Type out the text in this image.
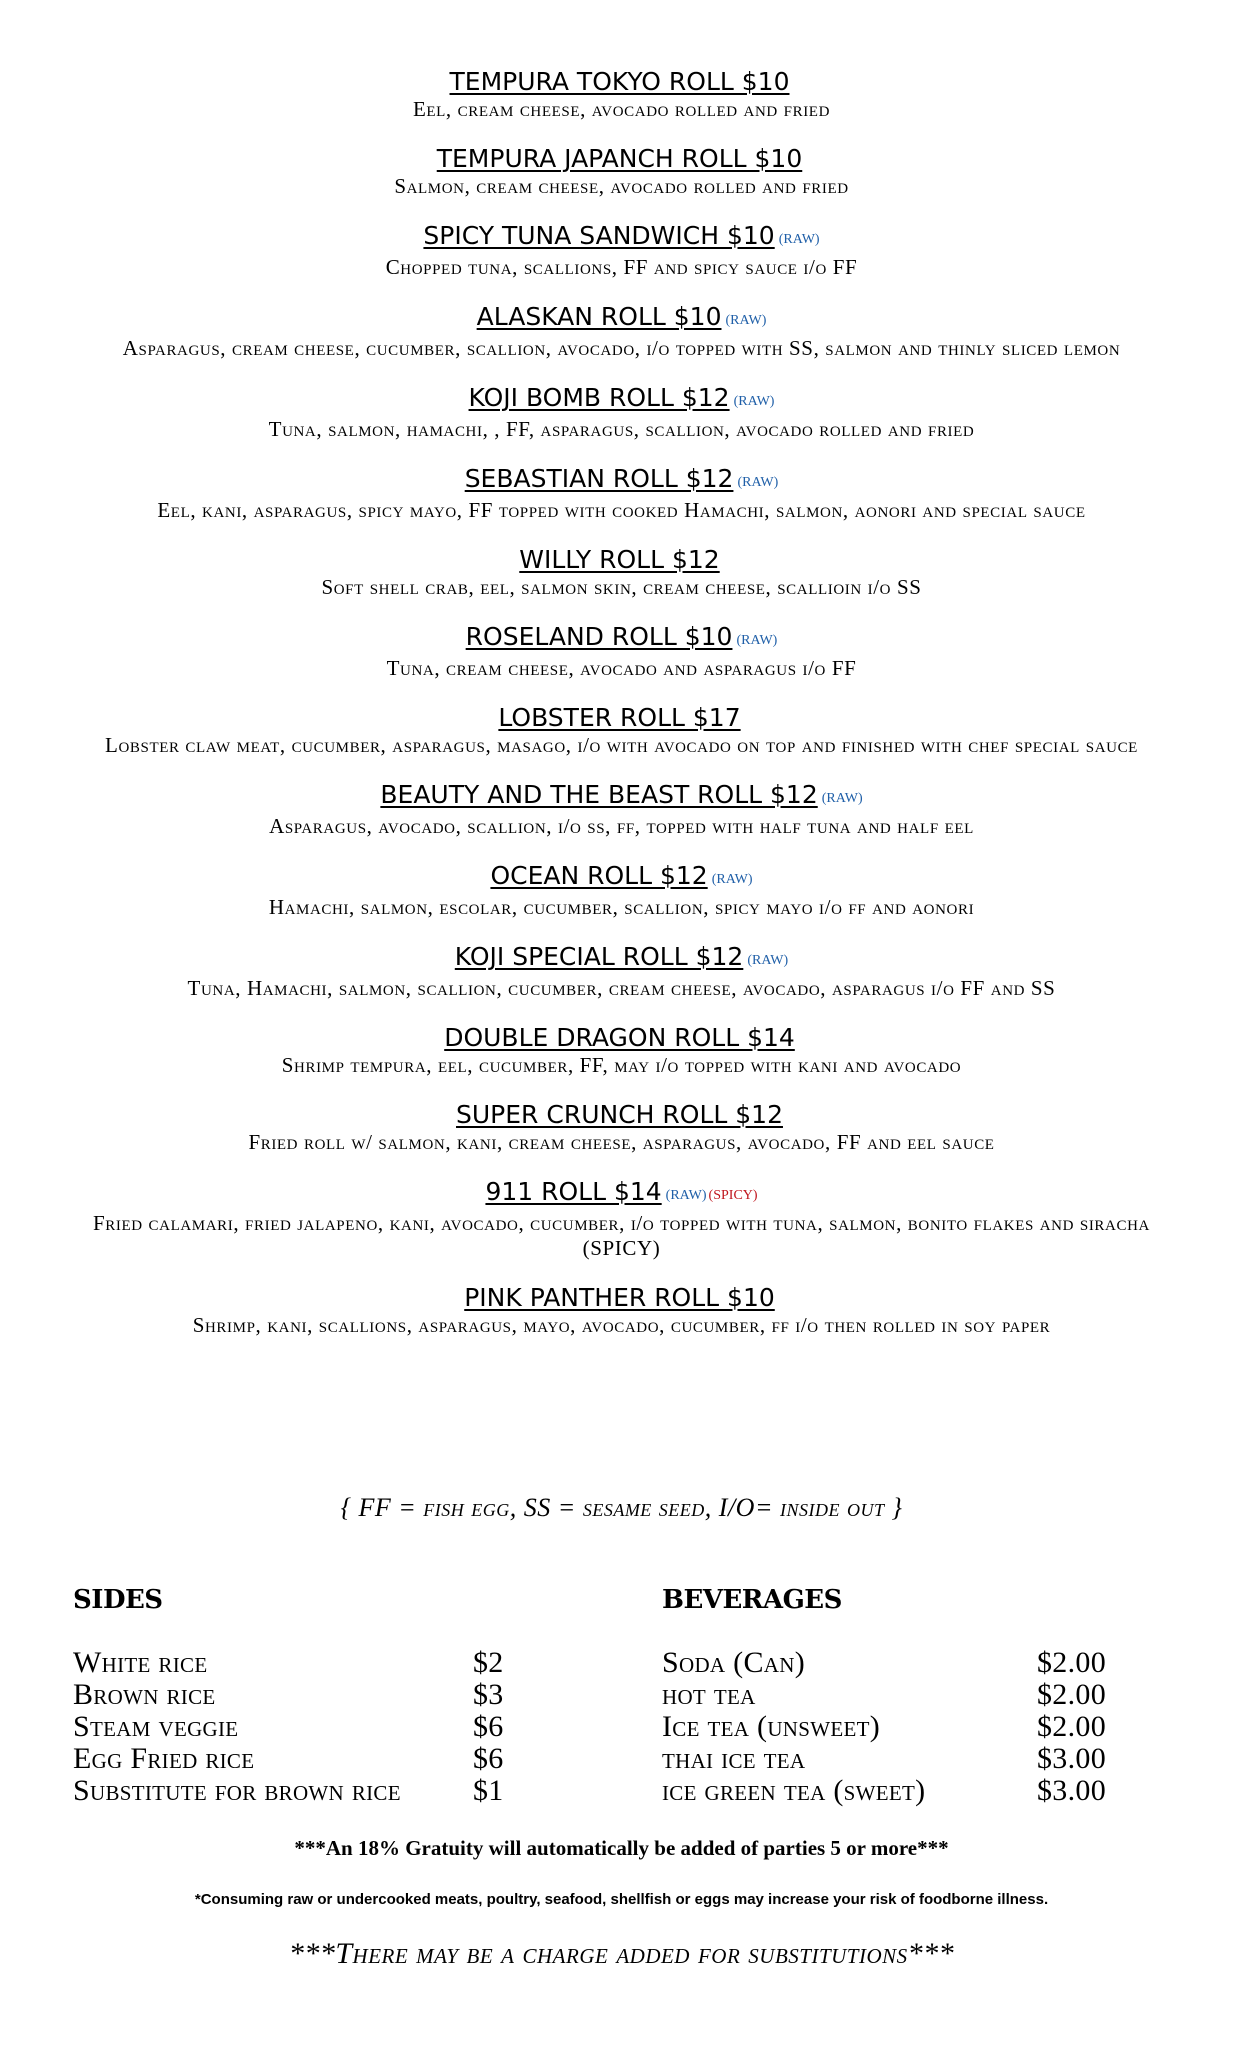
TEMPURA TOKYO ROLL $10
Eel, cream cheese, avocado rolled and fried
TEMPURA JAPANCH ROLL $10
Salmon, cream cheese, avocado rolled and fried
SPICY TUNA SANDWICH $10 (RAW)
Chopped tuna, scallions, FF and spicy sauce i/o FF
ALASKAN ROLL $10 (RAW)
Asparagus, cream cheese, cucumber, scallion, avocado, i/o topped with SS, salmon and thinly sliced lemon
KOJI BOMB ROLL $12 (RAW)
Tuna, salmon, hamachi, , FF, asparagus, scallion, avocado rolled and fried
SEBASTIAN ROLL $12 (RAW)
Eel, kani, asparagus, spicy mayo, FF topped with cooked Hamachi, salmon, aonori and special sauce
WILLY ROLL $12
Soft shell crab, eel, salmon skin, cream cheese, scallioin i/o SS
ROSELAND ROLL $10 (RAW)
Tuna, cream cheese, avocado and asparagus i/o FF
LOBSTER ROLL $17
Lobster claw meat, cucumber, asparagus, masago, i/o with avocado on top and finished with chef special sauce
BEAUTY AND THE BEAST ROLL $12 (RAW)
Asparagus, avocado, scallion, i/o ss, ff, topped with half tuna and half eel
OCEAN ROLL $12 (RAW)
Hamachi, salmon, escolar, cucumber, scallion, spicy mayo i/o ff and aonori
KOJI SPECIAL ROLL $12 (RAW)
Tuna, Hamachi, salmon, scallion, cucumber, cream cheese, avocado, asparagus i/o FF and SS
DOUBLE DRAGON ROLL $14
Shrimp tempura, eel, cucumber, FF, may i/o topped with kani and avocado
SUPER CRUNCH ROLL $12
Fried roll w/ salmon, kani, cream cheese, asparagus, avocado, FF and eel sauce
911 ROLL $14 (RAW) (SPICY)
Fried calamari, fried jalapeno, kani, avocado, cucumber, i/o topped with tuna, salmon, bonito flakes and siracha (SPICY)
PINK PANTHER ROLL $10
Shrimp, kani, scallions, asparagus, mayo, avocado, cucumber, ff i/o then rolled in soy paper
{ FF = fish egg, SS = sesame seed, I/O= inside out }
SIDES
White rice	$2
Brown rice	$3
Steam veggie	$6
Egg Fried rice	$6
Substitute for brown rice $1
BEVERAGES
Soda (Can)	$2.00
hot tea	$2.00
Ice tea (unsweet)	$2.00
thai ice tea	$3.00
ice green tea (sweet)	$3.00
***An 18% Gratuity will automatically be added of parties 5 or more***
*Consuming raw or undercooked meats, poultry, seafood, shellfish or eggs may increase your risk of foodborne illness.
***There may be a charge added for substitutions***
